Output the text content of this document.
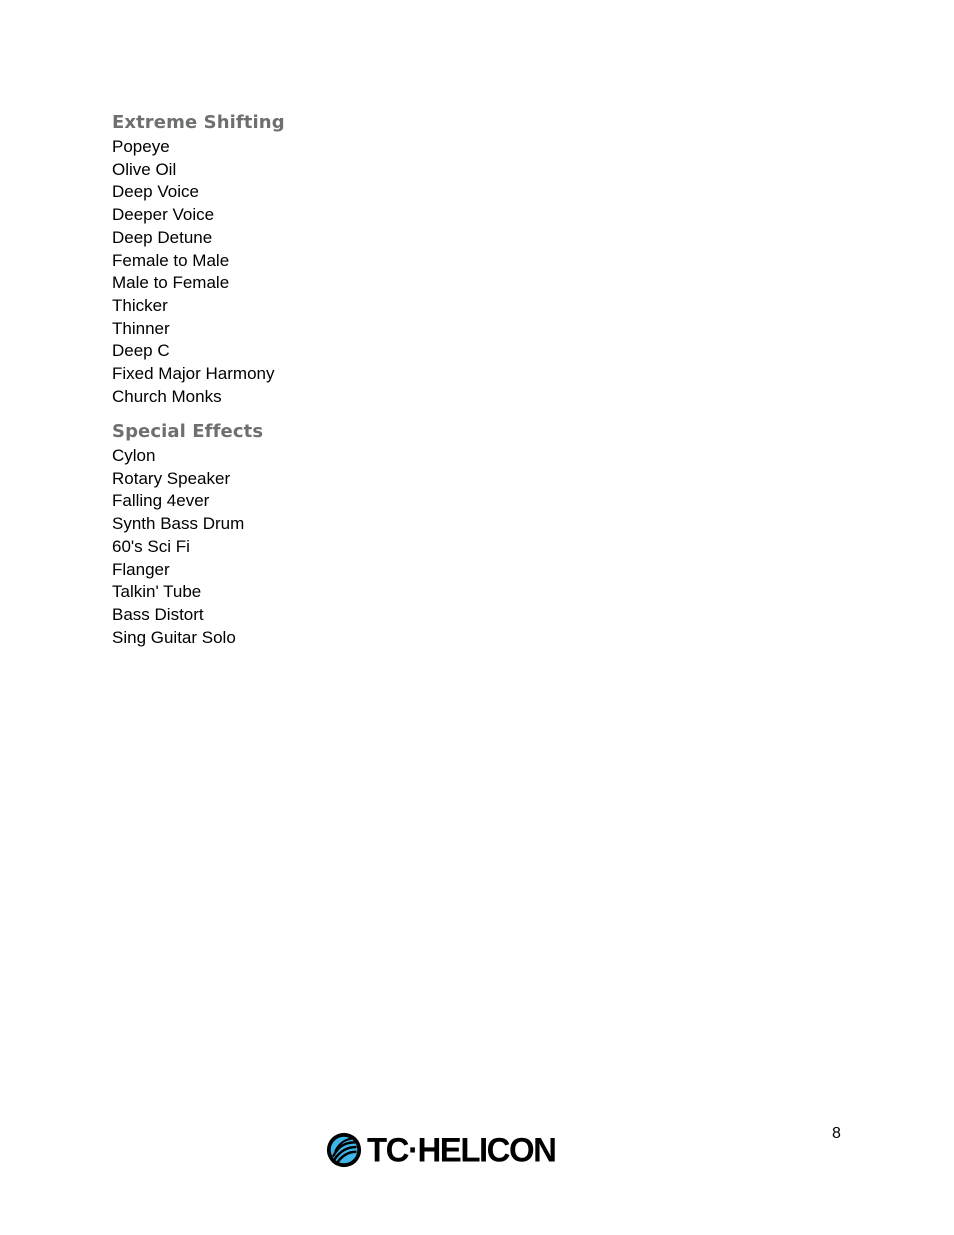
Extreme Shifting
Popeye
Olive Oil
Deep Voice
Deeper Voice
Deep Detune
Female to Male
Male to Female
Thicker
Thinner
Deep C
Fixed Major Harmony
Church Monks
Special Effects
Cylon
Rotary Speaker
Falling 4ever
Synth Bass Drum
60's Sci Fi
Flanger
Talkin' Tube
Bass Distort
Sing Guitar Solo
TC·HELICON	8
